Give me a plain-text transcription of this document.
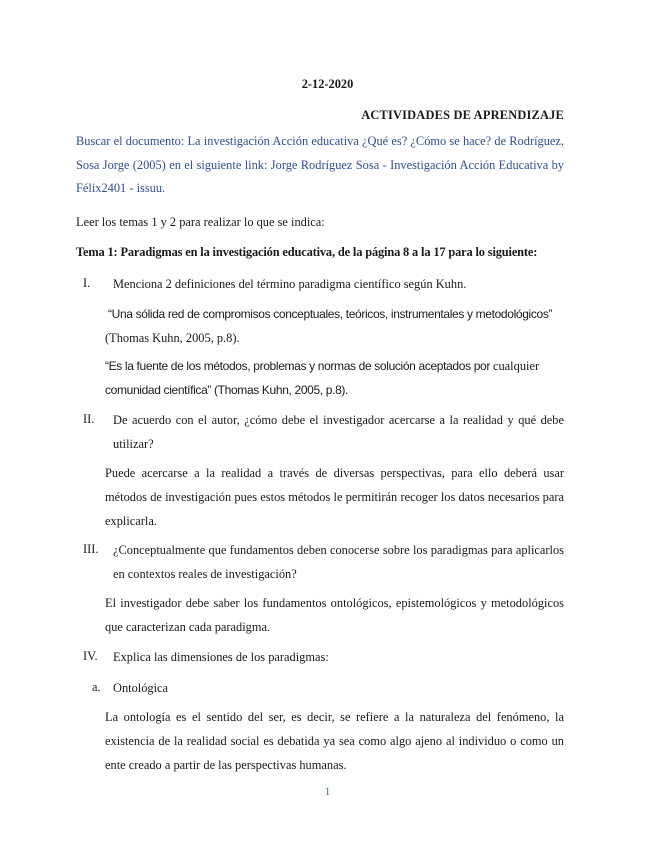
2-12-2020
ACTIVIDADES DE APRENDIZAJE
Buscar el documento: La investigación Acción educativa ¿Qué es? ¿Cómo se hace? de Rodríguez, Sosa Jorge (2005) en el siguiente link: Jorge Rodríguez Sosa - Investigación Acción Educativa by Félix2401 - issuu.
Leer los temas 1 y 2 para realizar lo que se indica:
Tema 1: Paradigmas en la investigación educativa, de la página 8 a la 17 para lo siguiente:
I. Menciona 2 definiciones del término paradigma científico según Kuhn.
“Una sólida red de compromisos conceptuales, teóricos, instrumentales y metodológicos”
(Thomas Kuhn, 2005, p.8).
“Es la fuente de los métodos, problemas y normas de solución aceptados por cualquier
comunidad científica” (Thomas Kuhn, 2005, p.8).
II. De acuerdo con el autor, ¿cómo debe el investigador acercarse a la realidad y qué debe utilizar?
Puede acercarse a la realidad a través de diversas perspectivas, para ello deberá usar métodos de investigación pues estos métodos le permitirán recoger los datos necesarios para explicarla.
III. ¿Conceptualmente que fundamentos deben conocerse sobre los paradigmas para aplicarlos en contextos reales de investigación?
El investigador debe saber los fundamentos ontológicos, epistemológicos y metodológicos que caracterizan cada paradigma.
IV. Explica las dimensiones de los paradigmas:
a. Ontológica
La ontología es el sentido del ser, es decir, se refiere a la naturaleza del fenómeno, la existencia de la realidad social es debatida ya sea como algo ajeno al individuo o como un ente creado a partir de las perspectivas humanas.
1
